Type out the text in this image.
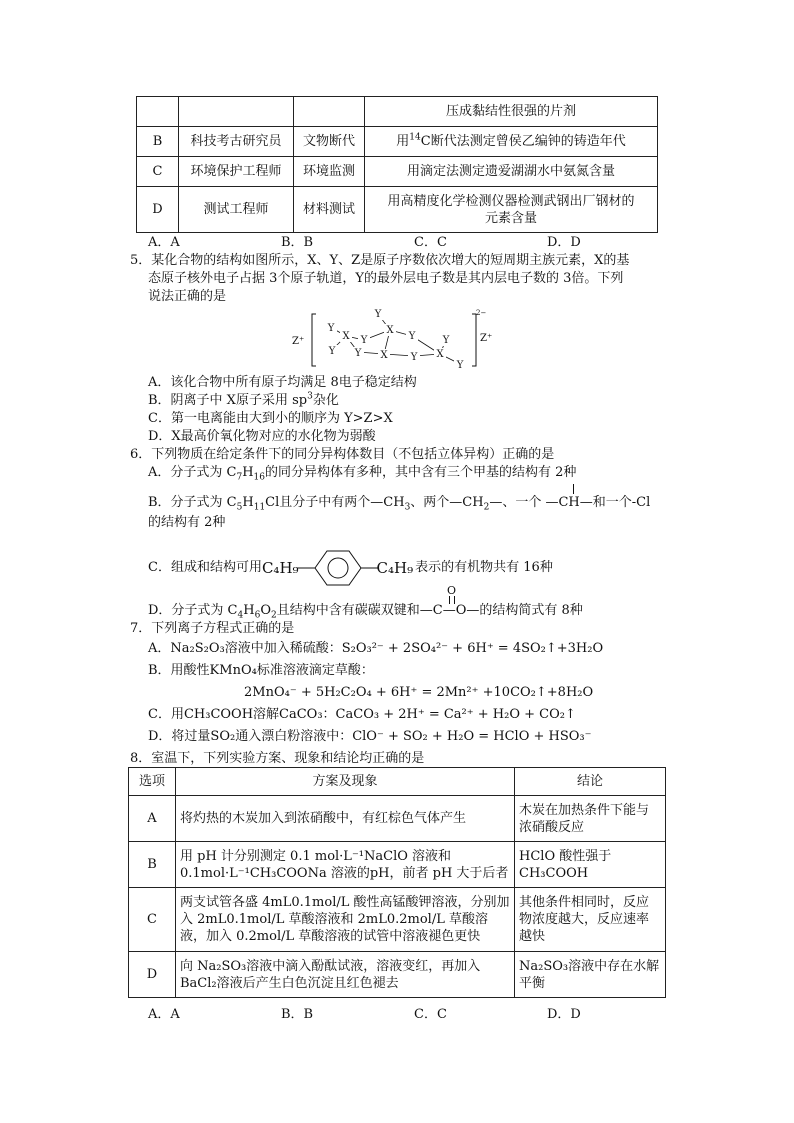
			压成黏结性很强的片剂
B	科技考古研究员	文物断代	用$^{14}$C断代法测定曾侯乙编钟的铸造年代
C	环境保护工程师	环境监测	用滴定法测定遗爱湖湖水中氨氮含量
D	测试工程师	材料测试	用高精度化学检测仪器检测武钢出厂钢材的元素含量
A．A	B．B	C．C	D．D
5．某化合物的结构如图所示，X、Y、Z是原子序数依次增大的短周期主族元素，X的基
态原子核外电子占据 3个原子轨道，Y的最外层电子数是其内层电子数的 3倍。下列
说法正确的是
Z⁺	Z⁺
2−
Y
X
Y
Y
Y
Y
X
Y
X Y X
Y
Y
A．该化合物中所有原子均满足 8电子稳定结构
B．阴离子中 X原子采用 $sp^3$杂化
C．第一电离能由大到小的顺序为 Y>Z>X
D．X最高价氧化物对应的水化物为弱酸
6．下列物质在给定条件下的同分异构体数目（不包括立体异构）正确的是
A．分子式为 $C_7H_{16}$的同分异构体有多种，其中含有三个甲基的结构有 2种
B．分子式为 $C_5H_{11}Cl$且分子中有两个$—CH_3$、两个$—CH_2—$、一个 —CH—和一个-Cl
的结构有 2种
C．组成和结构可用 C₄H₉	C₄H₉ 表示的有机物共有 16种
O
D．分子式为 $C_4H_6O_2$且结构中含有碳碳双键和—C—O—的结构简式有 8种
7．下列离子方程式正确的是
A．Na₂S₂O₃溶液中加入稀硫酸：S₂O₃²⁻ + 2SO₄²⁻ + 6H⁺ = 4SO₂↑+3H₂O
B．用酸性KMnO₄标准溶液滴定草酸：
2MnO₄⁻ + 5H₂C₂O₄ + 6H⁺ = 2Mn²⁺ +10CO₂↑+8H₂O
C．用CH₃COOH溶解CaCO₃：CaCO₃ + 2H⁺ = Ca²⁺ + H₂O + CO₂↑
D．将过量SO₂通入漂白粉溶液中：ClO⁻ + SO₂ + H₂O = HClO + HSO₃⁻
8．室温下，下列实验方案、现象和结论均正确的是
选项	方案及现象	结论
A	将灼热的木炭加入到浓硝酸中，有红棕色气体产生	木炭在加热条件下能与浓硝酸反应
B	用 pH 计分别测定 0.1 mol·L⁻¹NaClO 溶液和 0.1mol·L⁻¹CH₃COONa 溶液的pH，前者 pH 大于后者	HClO 酸性强于 CH₃COOH
C	两支试管各盛 4mL0.1mol/L 酸性高锰酸钾溶液，分别加入 2mL0.1mol/L 草酸溶液和 2mL0.2mol/L 草酸溶液，加入 0.2mol/L 草酸溶液的试管中溶液褪色更快	其他条件相同时，反应物浓度越大，反应速率越快
D	向 Na₂SO₃溶液中滴入酚酞试液，溶液变红，再加入 BaCl₂溶液后产生白色沉淀且红色褪去	Na₂SO₃溶液中存在水解平衡
A．A	B．B	C．C	D．D
